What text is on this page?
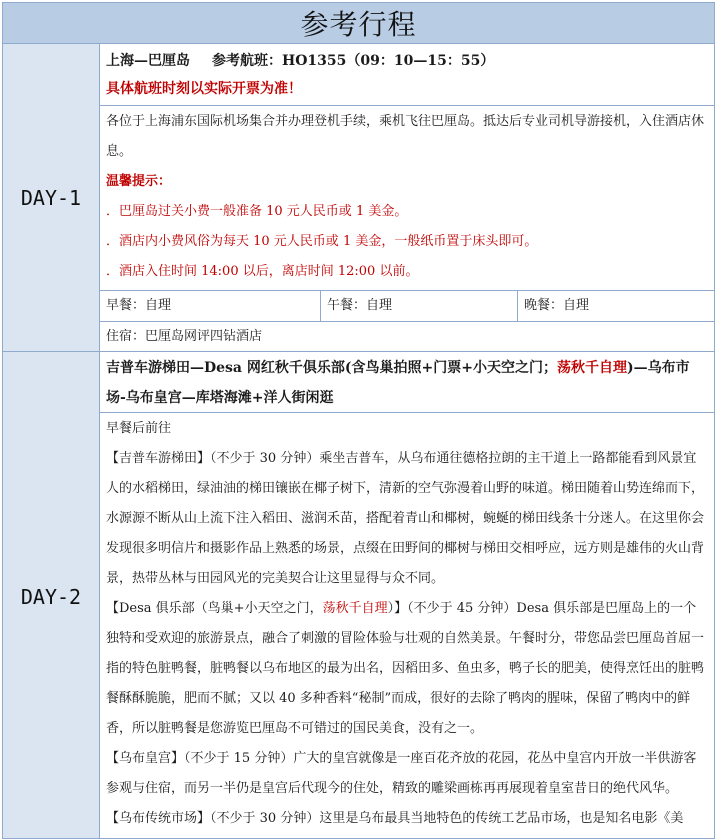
参考行程
DAY-1
上海—巴厘岛 参考航班：HO1355（09：10—15：55）
具体航班时刻以实际开票为准！

各位于上海浦东国际机场集合并办理登机手续，乘机飞往巴厘岛。抵达后专业司机导游接机，入住酒店休息。

温馨提示：

．巴厘岛过关小费一般准备 10 元人民币或 1 美金。

．酒店内小费风俗为每天 10 元人民币或 1 美金，一般纸币置于床头即可。

．酒店入住时间 14:00 以后，离店时间 12:00 以前。

早餐：自理	午餐：自理	晚餐：自理
住宿：巴厘岛网评四钻酒店
DAY-2
吉普车游梯田—Desa 网红秋千俱乐部(含鸟巢拍照+门票+小天空之门；荡秋千自理)—乌布市场-乌布皇宫—库塔海滩+洋人街闲逛

早餐后前往

【吉普车游梯田】（不少于 30 分钟）乘坐吉普车，从乌布通往德格拉朗的主干道上一路都能看到风景宜人的水稻梯田，绿油油的梯田镶嵌在椰子树下，清新的空气弥漫着山野的味道。梯田随着山势连绵而下，水源源不断从山上流下注入稻田、滋润禾苗，搭配着青山和椰树，蜿蜒的梯田线条十分迷人。在这里你会发现很多明信片和摄影作品上熟悉的场景，点缀在田野间的椰树与梯田交相呼应，远方则是雄伟的火山背景，热带丛林与田园风光的完美契合让这里显得与众不同。

【Desa 俱乐部（鸟巢+小天空之门，荡秋千自理）】（不少于 45 分钟）Desa 俱乐部是巴厘岛上的一个独特和受欢迎的旅游景点，融合了刺激的冒险体验与壮观的自然美景。午餐时分，带您品尝巴厘岛首屈一指的特色脏鸭餐，脏鸭餐以乌布地区的最为出名，因稻田多、鱼虫多，鸭子长的肥美，使得烹饪出的脏鸭餐酥酥脆脆，肥而不腻；又以 40 多种香料“秘制”而成，很好的去除了鸭肉的腥味，保留了鸭肉中的鲜香，所以脏鸭餐是您游览巴厘岛不可错过的国民美食，没有之一。

【乌布皇宫】（不少于 15 分钟）广大的皇宫就像是一座百花齐放的花园，花丛中皇宫内开放一半供游客参观与住宿，而另一半仍是皇宫后代现今的住处，精致的雕梁画栋再再展现着皇室昔日的绝代风华。

【乌布传统市场】（不少于 30 分钟）这里是乌布最具当地特色的传统工艺品市场，也是知名电影《美
